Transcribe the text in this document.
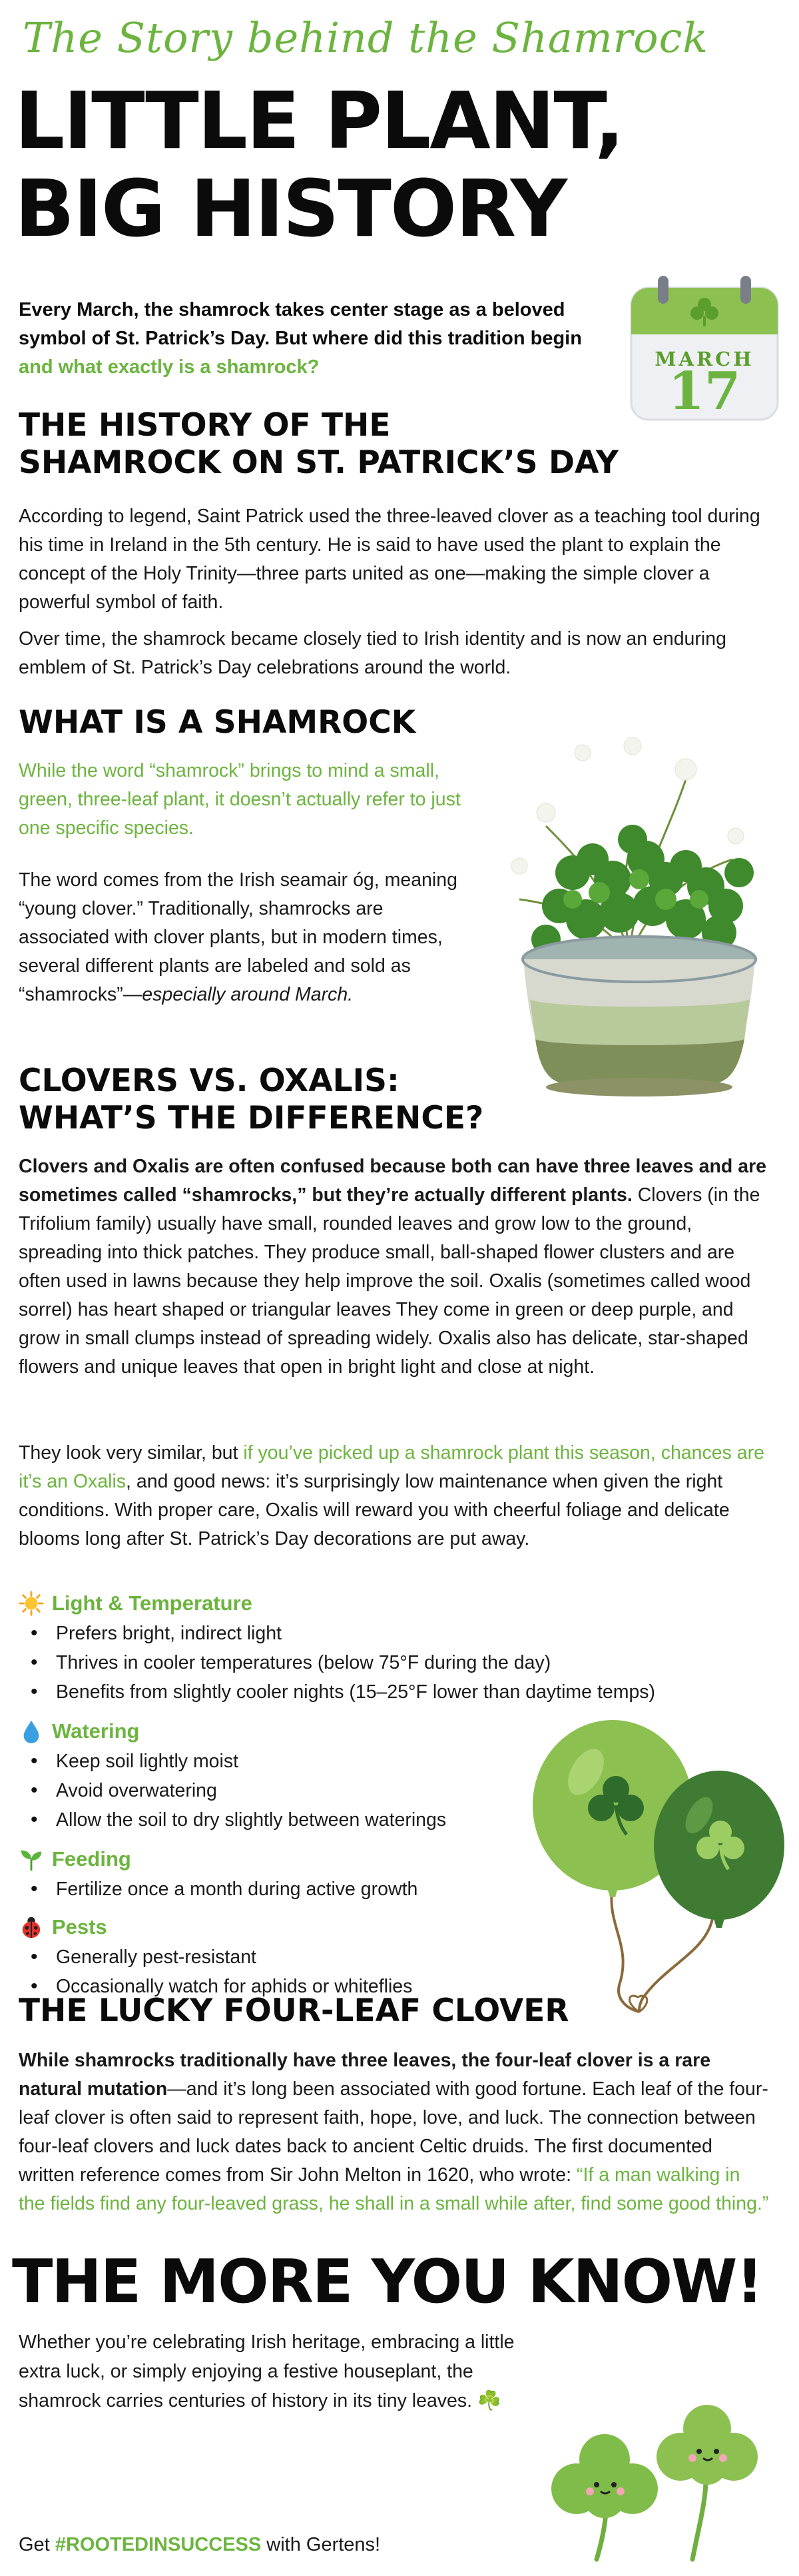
The Story behind the Shamrock
LITTLE PLANT,
BIG HISTORY
MARCH
17
Every March, the shamrock takes center stage as a beloved symbol of St. Patrick’s Day. But where did this tradition begin and what exactly is a shamrock?
THE HISTORY OF THE
SHAMROCK ON ST. PATRICK’S DAY
According to legend, Saint Patrick used the three-leaved clover as a teaching tool during his time in Ireland in the 5th century. He is said to have used the plant to explain the concept of the Holy Trinity—three parts united as one—making the simple clover a powerful symbol of faith.
Over time, the shamrock became closely tied to Irish identity and is now an enduring emblem of St. Patrick’s Day celebrations around the world.
WHAT IS A SHAMROCK
While the word “shamrock” brings to mind a small, green, three-leaf plant, it doesn’t actually refer to just one specific species.
The word comes from the Irish seamair óg, meaning “young clover.” Traditionally, shamrocks are associated with clover plants, but in modern times, several different plants are labeled and sold as “shamrocks”—especially around March.
CLOVERS VS. OXALIS:
WHAT’S THE DIFFERENCE?
Clovers and Oxalis are often confused because both can have three leaves and are sometimes called “shamrocks,” but they’re actually different plants. Clovers (in the Trifolium family) usually have small, rounded leaves and grow low to the ground, spreading into thick patches. They produce small, ball-shaped flower clusters and are often used in lawns because they help improve the soil. Oxalis (sometimes called wood sorrel) has heart shaped or triangular leaves They come in green or deep purple, and grow in small clumps instead of spreading widely. Oxalis also has delicate, star-shaped flowers and unique leaves that open in bright light and close at night.
They look very similar, but if you’ve picked up a shamrock plant this season, chances are it’s an Oxalis, and good news: it’s surprisingly low maintenance when given the right conditions. With proper care, Oxalis will reward you with cheerful foliage and delicate blooms long after St. Patrick’s Day decorations are put away.
Light & Temperature
• Prefers bright, indirect light
• Thrives in cooler temperatures (below 75°F during the day)
• Benefits from slightly cooler nights (15–25°F lower than daytime temps)
Watering
• Keep soil lightly moist
• Avoid overwatering
• Allow the soil to dry slightly between waterings
Feeding
• Fertilize once a month during active growth
Pests
• Generally pest-resistant
• Occasionally watch for aphids or whiteflies
THE LUCKY FOUR-LEAF CLOVER
While shamrocks traditionally have three leaves, the four-leaf clover is a rare natural mutation—and it’s long been associated with good fortune. Each leaf of the four-leaf clover is often said to represent faith, hope, love, and luck. The connection between four-leaf clovers and luck dates back to ancient Celtic druids. The first documented written reference comes from Sir John Melton in 1620, who wrote: “If a man walking in the fields find any four-leaved grass, he shall in a small while after, find some good thing.”
THE MORE YOU KNOW!
Whether you’re celebrating Irish heritage, embracing a little extra luck, or simply enjoying a festive houseplant, the shamrock carries centuries of history in its tiny leaves. ☘️
Get #ROOTEDINSUCCESS with Gertens!
